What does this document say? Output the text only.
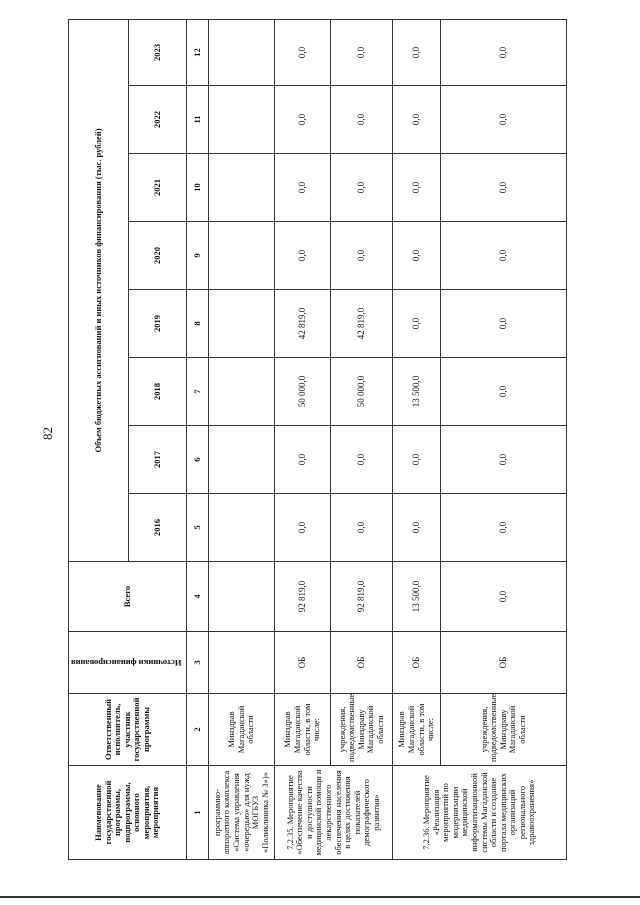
82
Наименование государственной программы, подпрограммы, основного мероприятия, мероприятия	Ответственный исполнитель, участник государственной программы	Источники финансирования	Всего	Объем бюджетных ассигнований и иных источников финансирования (тыс. рублей)							
				2016	2017	2018	2019	2020	2021	2022	2023
1	2	3	4	5	6	7	8	9	10	11	12
программно-аппаратного комплекса «Система управления «очередью» для нужд МОГБУЗ «Поликлиника № 3»)»	Минздрав Магаданской области										
7.2.35. Мероприятие «Обеспечение качества и доступности медицинской помощи и лекарственного обеспечения населения в целях достижения показателей демографического развития»	Минздрав Магаданской области, в том числе:	ОБ	92 819,0	0,0	0,0	50 000,0	42 819,0	0,0	0,0	0,0	0,0
	учреждения, подведомственные Минздраву Магаданской области	ОБ	92 819,0	0,0	0,0	50 000,0	42 819,0	0,0	0,0	0,0	0,0
7.2.36. Мероприятие «Реализация мероприятий по модернизации медицинской информатизационной системы Магаданской области и создание портала медицинских организаций регионального здравоохранения»	Минздрав Магаданской области, в том числе:	ОБ	13 500,0	0,0	0,0	13 500,0	0,0	0,0	0,0	0,0	0,0
	учреждения, подведомственные Минздраву Магаданской области	ОБ	0,0	0,0	0,0	0,0	0,0	0,0	0,0	0,0	0,0
